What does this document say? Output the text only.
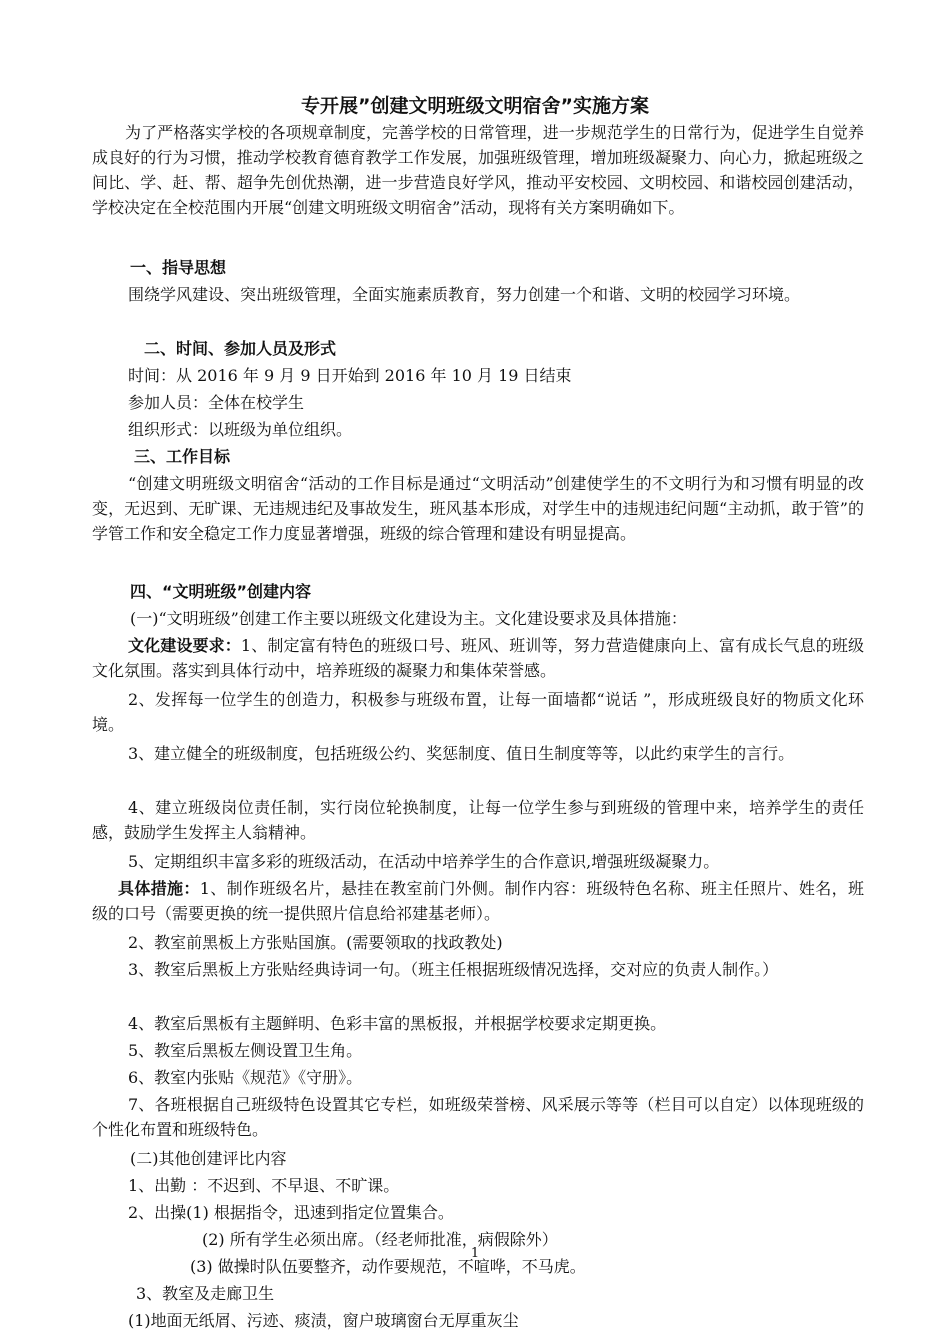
专开展”创建文明班级文明宿舍”实施方案

为了严格落实学校的各项规章制度，完善学校的日常管理，进一步规范学生的日常行为，促进学生自觉养成良好的行为习惯，推动学校教育德育教学工作发展，加强班级管理，增加班级凝聚力、向心力，掀起班级之间比、学、赶、帮、超争先创优热潮，进一步营造良好学风，推动平安校园、文明校园、和谐校园创建活动，学校决定在全校范围内开展“创建文明班级文明宿舍”活动，现将有关方案明确如下。

一、指导思想

围绕学风建设、突出班级管理，全面实施素质教育，努力创建一个和谐、文明的校园学习环境。

二、时间、参加人员及形式

时间：从 2016 年 9 月 9 日开始到 2016 年 10 月 19 日结束

参加人员：全体在校学生

组织形式：以班级为单位组织。

三、工作目标

“创建文明班级文明宿舍“活动的工作目标是通过“文明活动”创建使学生的不文明行为和习惯有明显的改变，无迟到、无旷课、无违规违纪及事故发生，班风基本形成，对学生中的违规违纪问题“主动抓，敢于管”的学管工作和安全稳定工作力度显著增强，班级的综合管理和建设有明显提高。

四、“文明班级”创建内容

(一)“文明班级”创建工作主要以班级文化建设为主。文化建设要求及具体措施：

文化建设要求：1、制定富有特色的班级口号、班风、班训等，努力营造健康向上、富有成长气息的班级文化氛围。落实到具体行动中，培养班级的凝聚力和集体荣誉感。

2、发挥每一位学生的创造力，积极参与班级布置，让每一面墙都“说话 ”，形成班级良好的物质文化环境。

3、建立健全的班级制度，包括班级公约、奖惩制度、值日生制度等等，以此约束学生的言行。

4、建立班级岗位责任制，实行岗位轮换制度，让每一位学生参与到班级的管理中来，培养学生的责任感，鼓励学生发挥主人翁精神。

5、定期组织丰富多彩的班级活动，在活动中培养学生的合作意识,增强班级凝聚力。

具体措施：1、制作班级名片，悬挂在教室前门外侧。制作内容：班级特色名称、班主任照片、姓名，班级的口号（需要更换的统一提供照片信息给祁建基老师）。

2、教室前黑板上方张贴国旗。(需要领取的找政教处)

3、教室后黑板上方张贴经典诗词一句。（班主任根据班级情况选择，交对应的负责人制作。）

4、教室后黑板有主题鲜明、色彩丰富的黑板报，并根据学校要求定期更换。

5、教室后黑板左侧设置卫生角。

6、教室内张贴《规范》《守册》。

7、各班根据自己班级特色设置其它专栏，如班级荣誉榜、风采展示等等（栏目可以自定）以体现班级的个性化布置和班级特色。

(二)其他创建评比内容

1、出勤 ：不迟到、不早退、不旷课。

2、出操(1) 根据指令，迅速到指定位置集合。

(2) 所有学生必须出席。（经老师批准，病假除外）

(3) 做操时队伍要整齐，动作要规范，不喧哗，不马虎。

3、教室及走廊卫生

(1)地面无纸屑、污迹、痰渍，窗户玻璃窗台无厚重灰尘

1
